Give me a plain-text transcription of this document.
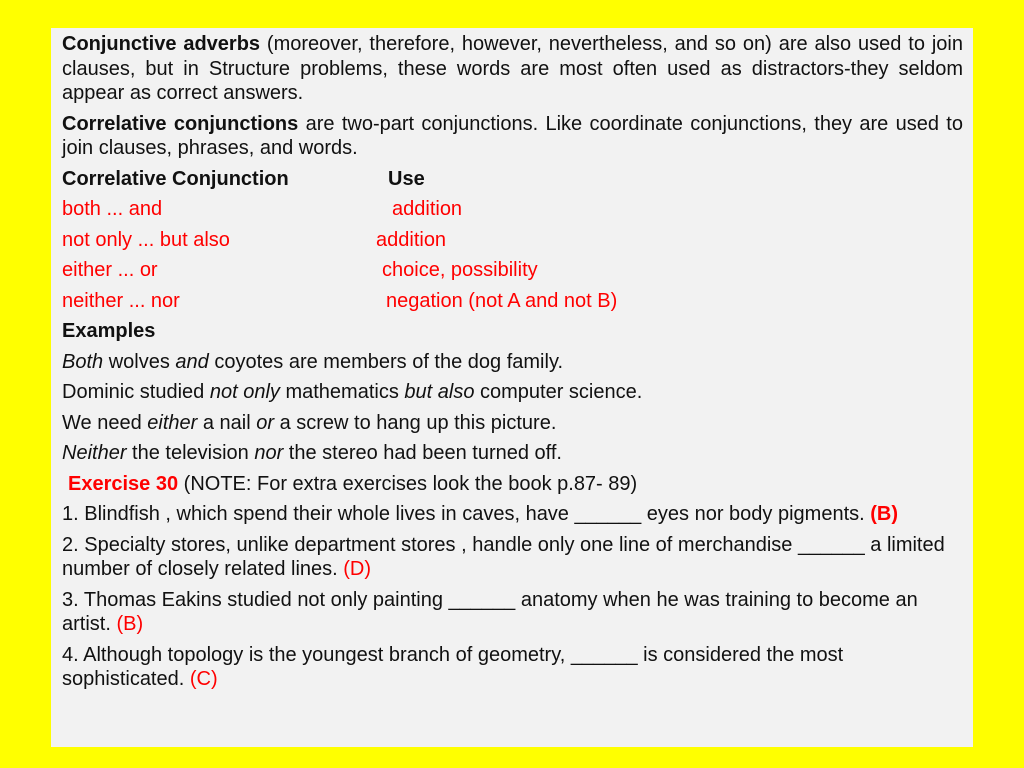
Conjunctive adverbs (moreover, therefore, however, nevertheless, and so on) are also used to join clauses, but in Structure problems, these words are most often used as distractors-they seldom appear as correct answers.

Correlative conjunctions are two-part conjunctions. Like coordinate conjunctions, they are used to join clauses, phrases, and words.

Correlative Conjunction	Use
both ... and	addition
not only ... but also	addition
either ... or	choice, possibility
neither ... nor	negation (not A and not B)
Examples
Both wolves and coyotes are members of the dog family.
Dominic studied not only mathematics but also computer science.
We need either a nail or a screw to hang up this picture.
Neither the television nor the stereo had been turned off.
Exercise 30 (NOTE: For extra exercises look the book p.87- 89)

1. Blindfish , which spend their whole lives in caves, have ______ eyes nor body pigments. (B)

2. Specialty stores, unlike department stores , handle only one line of merchandise ______ a limited number of closely related lines. (D)

3. Thomas Eakins studied not only painting ______ anatomy when he was training to become an artist. (B)

4. Although topology is the youngest branch of geometry, ______ is considered the most sophisticated. (C)
